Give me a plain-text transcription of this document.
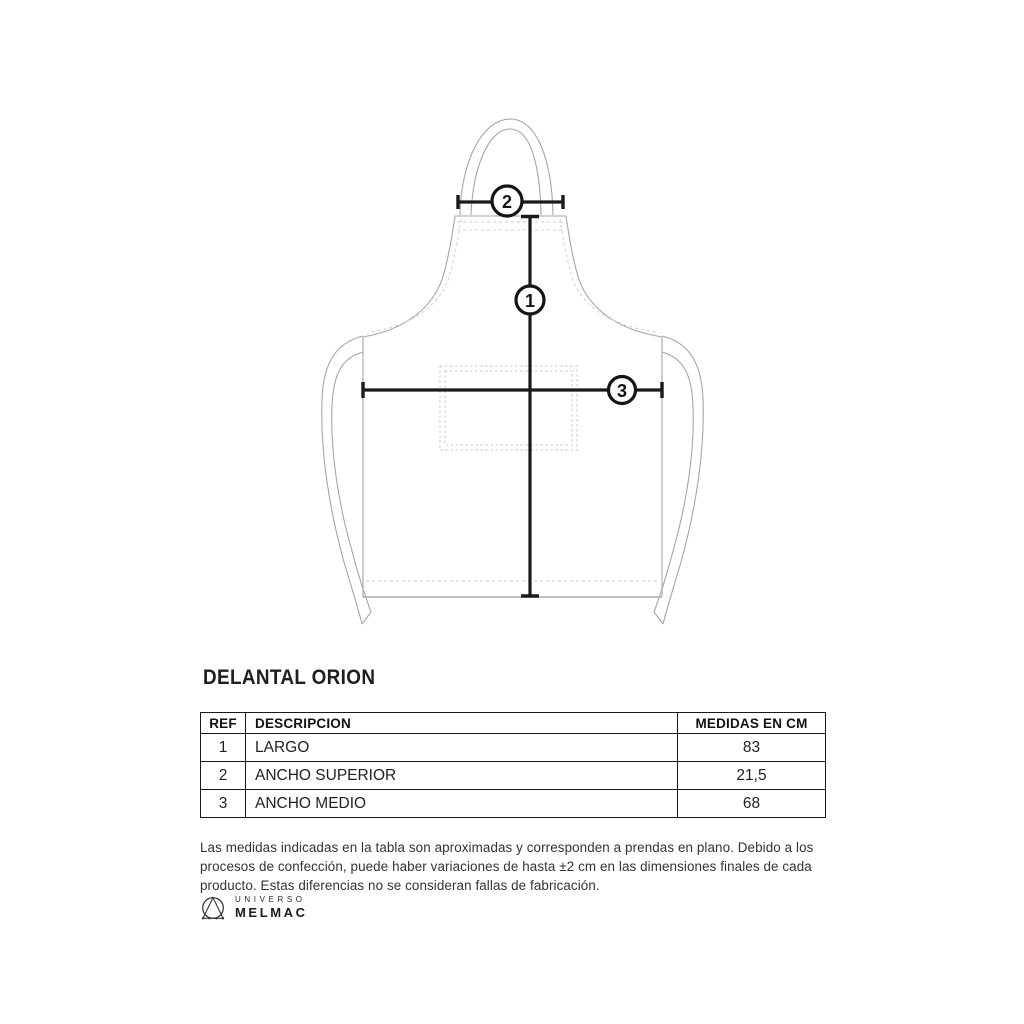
1
2
3
DELANTAL ORION
REF	DESCRIPCION	MEDIDAS EN CM
1	LARGO	83
2	ANCHO SUPERIOR	21,5
3	ANCHO MEDIO	68
Las medidas indicadas en la tabla son aproximadas y corresponden a prendas en plano. Debido a los procesos de confección, puede haber variaciones de hasta ±2 cm en las dimensiones finales de cada producto. Estas diferencias no se consideran fallas de fabricación.
UNIVERSO
MELMAC
